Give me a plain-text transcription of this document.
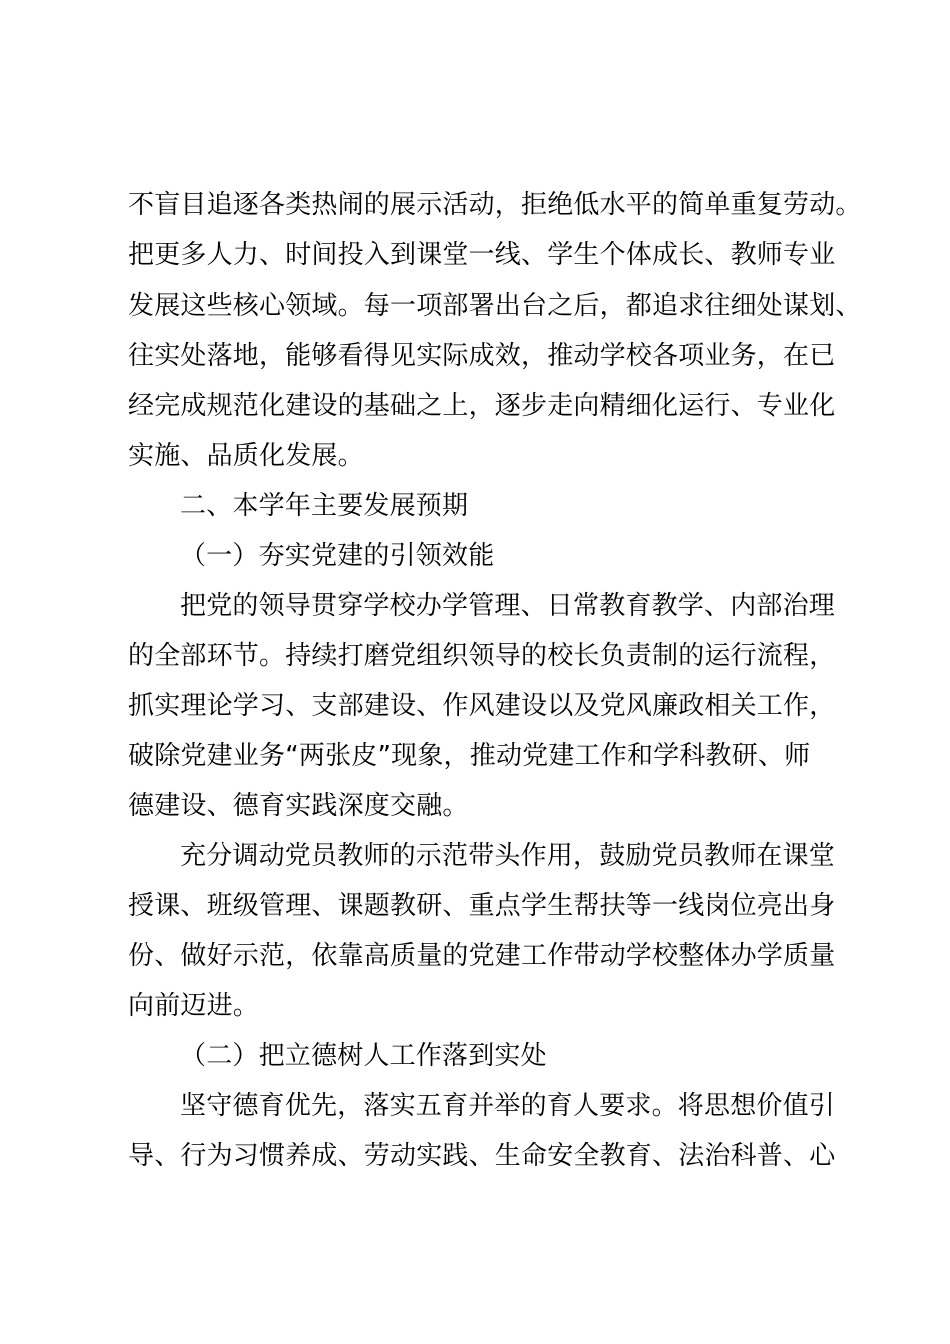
不盲目追逐各类热闹的展示活动，拒绝低水平的简单重复劳动。
把更多人力、时间投入到课堂一线、学生个体成长、教师专业
发展这些核心领域。每一项部署出台之后，都追求往细处谋划、
往实处落地，能够看得见实际成效，推动学校各项业务，在已
经完成规范化建设的基础之上，逐步走向精细化运行、专业化
实施、品质化发展。
二、本学年主要发展预期
（一）夯实党建的引领效能
把党的领导贯穿学校办学管理、日常教育教学、内部治理
的全部环节。持续打磨党组织领导的校长负责制的运行流程，
抓实理论学习、支部建设、作风建设以及党风廉政相关工作，
破除党建业务“两张皮”现象，推动党建工作和学科教研、师
德建设、德育实践深度交融。
充分调动党员教师的示范带头作用，鼓励党员教师在课堂
授课、班级管理、课题教研、重点学生帮扶等一线岗位亮出身
份、做好示范，依靠高质量的党建工作带动学校整体办学质量
向前迈进。
（二）把立德树人工作落到实处
坚守德育优先，落实五育并举的育人要求。将思想价值引
导、行为习惯养成、劳动实践、生命安全教育、法治科普、心
